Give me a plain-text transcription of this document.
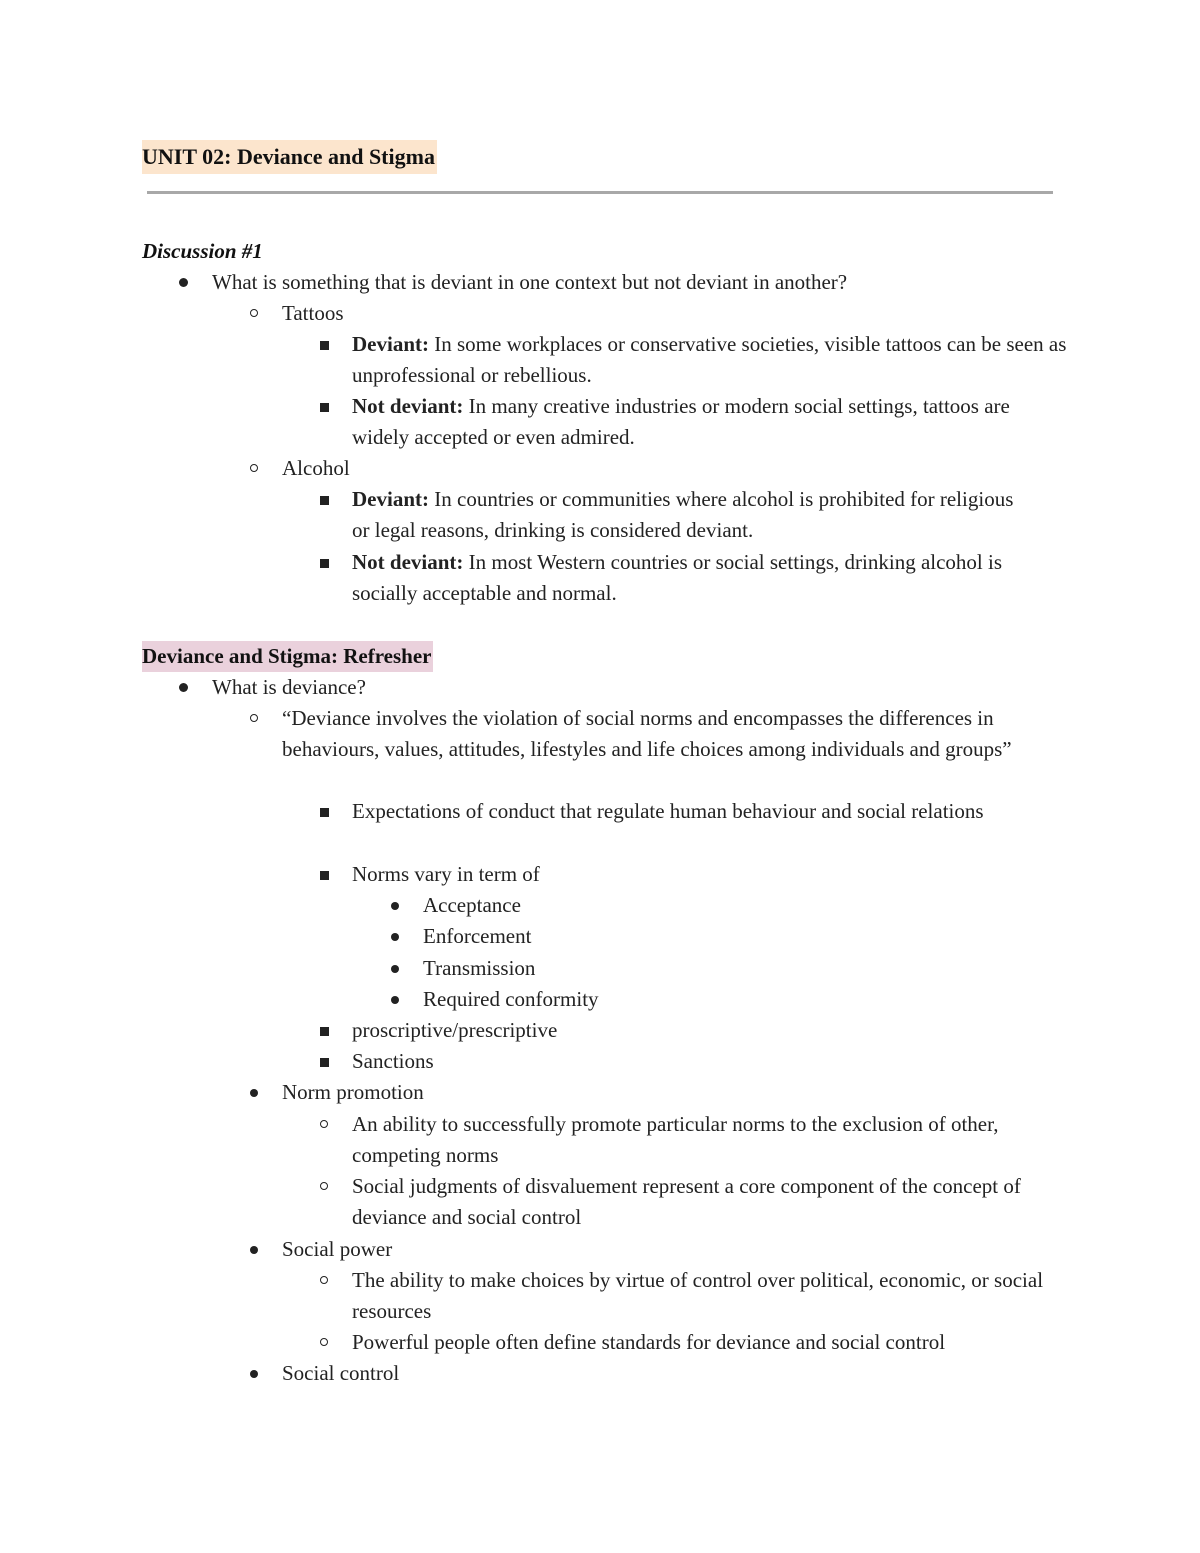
UNIT 02: Deviance and Stigma
Discussion #1
What is something that is deviant in one context but not deviant in another?
Tattoos
Deviant: In some workplaces or conservative societies, visible tattoos can be seen as unprofessional or rebellious.
Not deviant: In many creative industries or modern social settings, tattoos are widely accepted or even admired.
Alcohol
Deviant: In countries or communities where alcohol is prohibited for religious or legal reasons, drinking is considered deviant.
Not deviant: In most Western countries or social settings, drinking alcohol is socially acceptable and normal.
Deviance and Stigma: Refresher
What is deviance?
“Deviance involves the violation of social norms and encompasses the differences in behaviours, values, attitudes, lifestyles and life choices among individuals and groups”
Expectations of conduct that regulate human behaviour and social relations
Norms vary in term of
Acceptance
Enforcement
Transmission
Required conformity
proscriptive/prescriptive
Sanctions
Norm promotion
An ability to successfully promote particular norms to the exclusion of other, competing norms
Social judgments of disvaluement represent a core component of the concept of deviance and social control
Social power
The ability to make choices by virtue of control over political, economic, or social resources
Powerful people often define standards for deviance and social control
Social control
